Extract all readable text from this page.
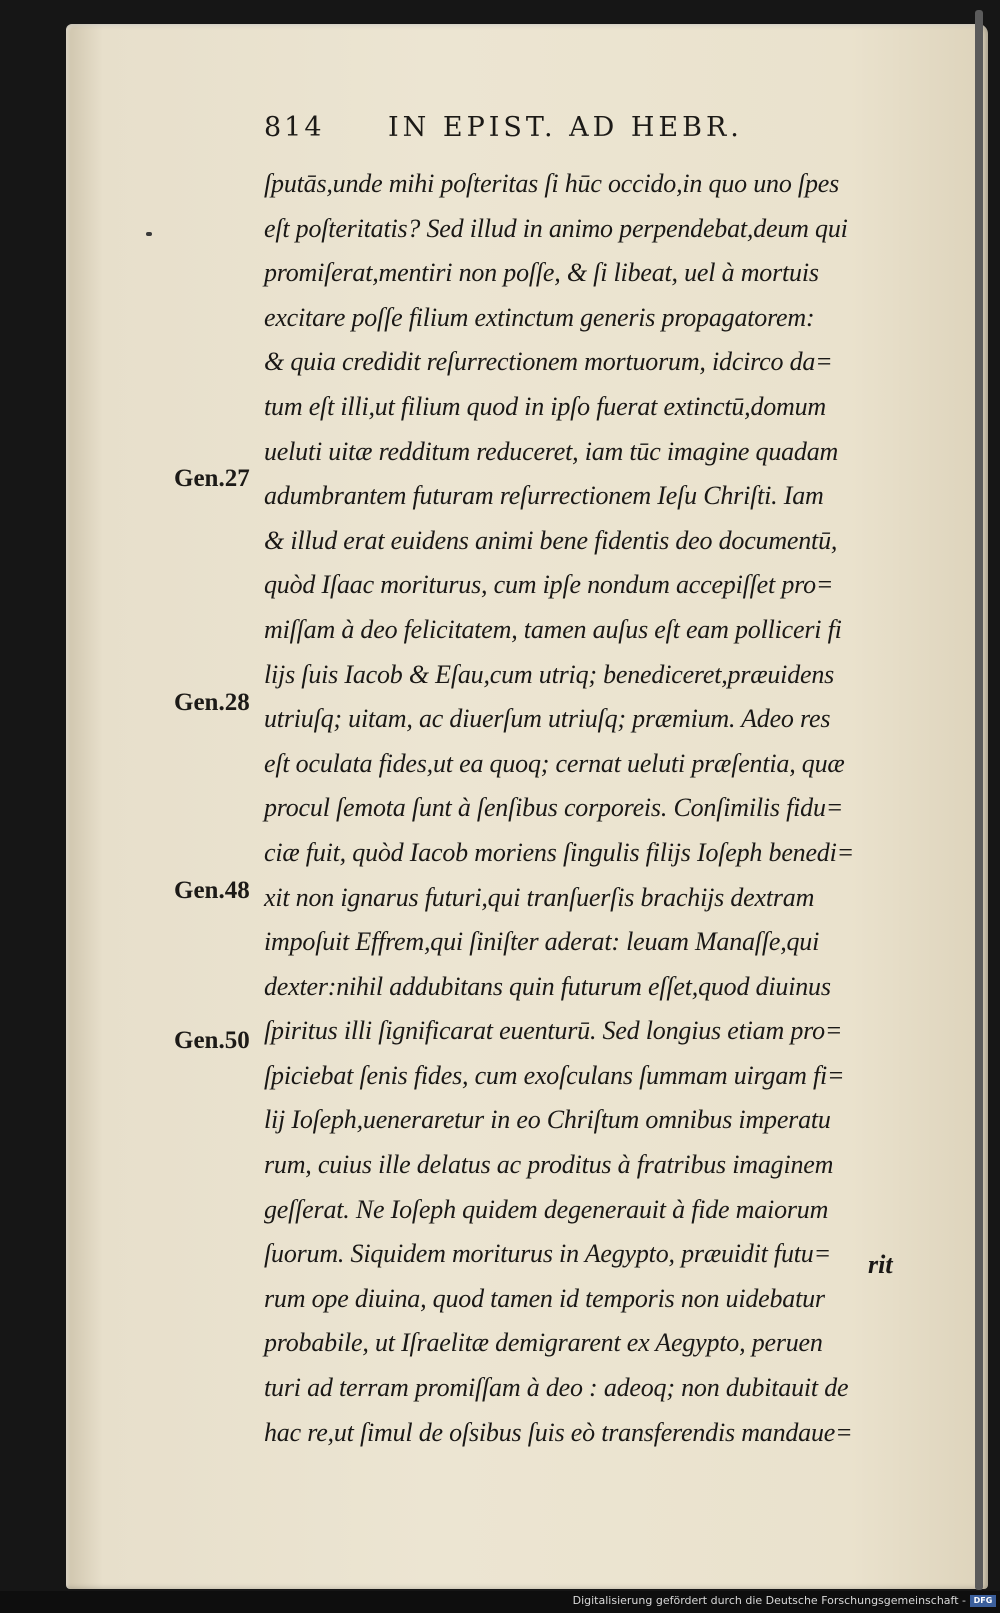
814 IN EPIST. AD HEBR.
ſputās,unde mihi poſteritas ſi hūc occido,in quo uno ſpes
eſt poſteritatis? Sed illud in animo perpendebat,deum qui
promiſerat,mentiri non poſſe, & ſi libeat, uel à mortuis
excitare poſſe filium extinctum generis propagatorem:
& quia credidit reſurrectionem mortuorum, idcirco da=
tum eſt illi,ut filium quod in ipſo fuerat extinctū,domum
ueluti uitæ redditum reduceret, iam tūc imagine quadam
adumbrantem futuram reſurrectionem Ieſu Chriſti. Iam
& illud erat euidens animi bene fidentis deo documentū,
quòd Iſaac moriturus, cum ipſe nondum accepiſſet pro=
miſſam à deo felicitatem, tamen auſus eſt eam polliceri fi
lijs ſuis Iacob & Eſau,cum utriq; benediceret,præuidens
utriuſq; uitam, ac diuerſum utriuſq; præmium. Adeo res
eſt oculata fides,ut ea quoq; cernat ueluti præſentia, quæ
procul ſemota ſunt à ſenſibus corporeis. Conſimilis fidu=
ciæ fuit, quòd Iacob moriens ſingulis filijs Ioſeph benedi=
xit non ignarus futuri,qui tranſuerſis brachijs dextram
impoſuit Effrem,qui ſiniſter aderat: leuam Manaſſe,qui
dexter:nihil addubitans quin futurum eſſet,quod diuinus
ſpiritus illi ſignificarat euenturū. Sed longius etiam pro=
ſpiciebat ſenis fides, cum exoſculans ſummam uirgam fi=
lij Ioſeph,ueneraretur in eo Chriſtum omnibus imperatu
rum, cuius ille delatus ac proditus à fratribus imaginem
geſſerat. Ne Ioſeph quidem degenerauit à fide maiorum
ſuorum. Siquidem moriturus in Aegypto, præuidit futu=
rum ope diuina, quod tamen id temporis non uidebatur
probabile, ut Iſraelitæ demigrarent ex Aegypto, peruen
turi ad terram promiſſam à deo : adeoq; non dubitauit de
hac re,ut ſimul de oſsibus ſuis eò transferendis mandaue=
Gen.27
Gen.28
Gen.48
Gen.50
rit
Digitalisierung gefördert durch die Deutsche Forschungsgemeinschaft - DFG
